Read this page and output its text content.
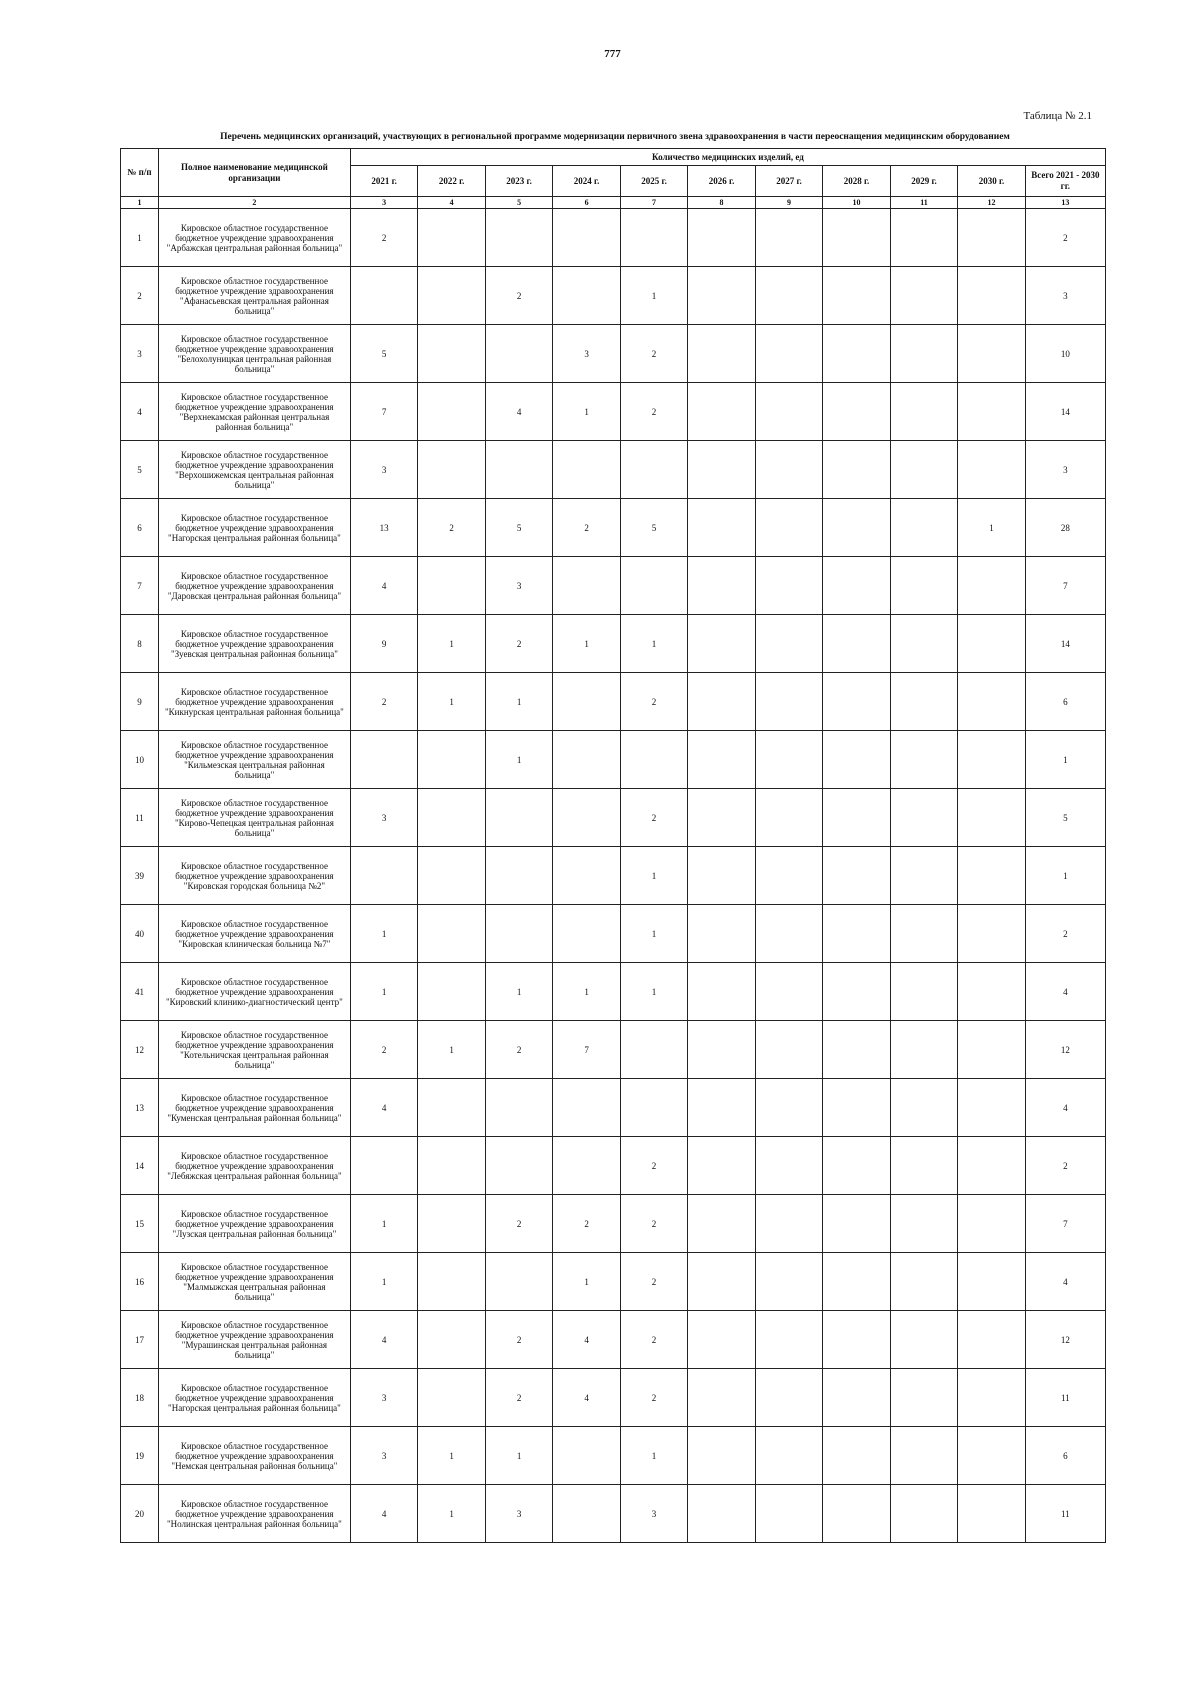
777
Таблица № 2.1
Перечень медицинских организаций, участвующих в региональной программе модернизации первичного звена здравоохранения в части переоснащения медицинским оборудованием
№ п/п	Полное наименование медицинской организации	Количество медицинских изделий, ед										
		2021 г.	2022 г.	2023 г.	2024 г.	2025 г.	2026 г.	2027 г.	2028 г.	2029 г.	2030 г.	Всего 2021 - 2030 гг.
1	2	3	4	5	6	7	8	9	10	11	12	13
1	Кировское областное государственное бюджетное учреждение здравоохранения "Арбажская центральная районная больница"	2										2
2	Кировское областное государственное бюджетное учреждение здравоохранения "Афанасьевская центральная районная больница"			2		1						3
3	Кировское областное государственное бюджетное учреждение здравоохранения "Белохолуницкая центральная районная больница"	5			3	2						10
4	Кировское областное государственное бюджетное учреждение здравоохранения "Верхнекамская районная центральная районная больница"	7		4	1	2						14
5	Кировское областное государственное бюджетное учреждение здравоохранения "Верхошижемская центральная районная больница"	3										3
6	Кировское областное государственное бюджетное учреждение здравоохранения "Нагорская центральная районная больница"	13	2	5	2	5					1	28
7	Кировское областное государственное бюджетное учреждение здравоохранения "Даровская центральная районная больница"	4		3								7
8	Кировское областное государственное бюджетное учреждение здравоохранения "Зуевская центральная районная больница"	9	1	2	1	1						14
9	Кировское областное государственное бюджетное учреждение здравоохранения "Кикнурская центральная районная больница"	2	1	1		2						6
10	Кировское областное государственное бюджетное учреждение здравоохранения "Кильмезская центральная районная больница"			1								1
11	Кировское областное государственное бюджетное учреждение здравоохранения "Кирово-Чепецкая центральная районная больница"	3				2						5
39	Кировское областное государственное бюджетное учреждение здравоохранения "Кировская городская больница №2"					1						1
40	Кировское областное государственное бюджетное учреждение здравоохранения "Кировская клиническая больница №7"	1				1						2
41	Кировское областное государственное бюджетное учреждение здравоохранения "Кировский клинико-диагностический центр"	1		1	1	1						4
12	Кировское областное государственное бюджетное учреждение здравоохранения "Котельничская центральная районная больница"	2	1	2	7							12
13	Кировское областное государственное бюджетное учреждение здравоохранения "Куменская центральная районная больница"	4										4
14	Кировское областное государственное бюджетное учреждение здравоохранения "Лебяжская центральная районная больница"					2						2
15	Кировское областное государственное бюджетное учреждение здравоохранения "Лузская центральная районная больница"	1		2	2	2						7
16	Кировское областное государственное бюджетное учреждение здравоохранения "Малмыжская центральная районная больница"	1			1	2						4
17	Кировское областное государственное бюджетное учреждение здравоохранения "Мурашинская центральная районная больница"	4		2	4	2						12
18	Кировское областное государственное бюджетное учреждение здравоохранения "Нагорская центральная районная больница"	3		2	4	2						11
19	Кировское областное государственное бюджетное учреждение здравоохранения "Немская центральная районная больница"	3	1	1		1						6
20	Кировское областное государственное бюджетное учреждение здравоохранения "Нолинская центральная районная больница"	4	1	3		3						11
